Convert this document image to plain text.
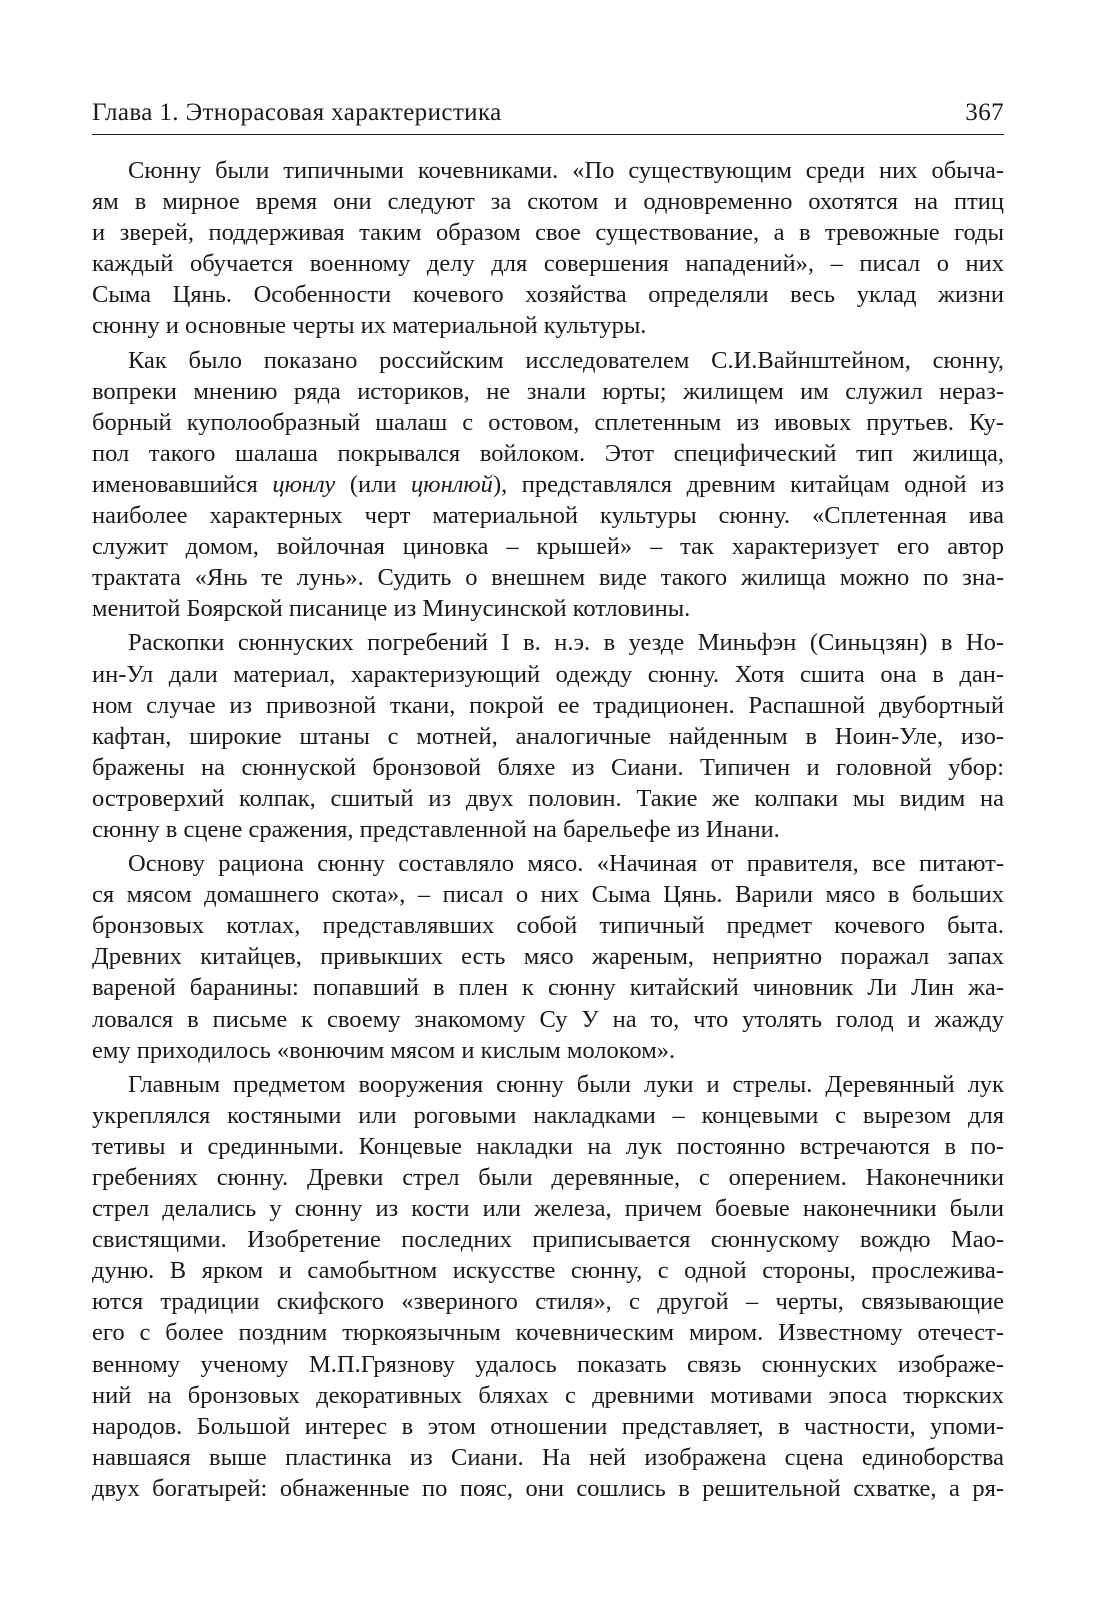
Глава 1. Этнорасовая характеристика	367
Сюнну были типичными кочевниками. «По существующим среди них обыча-
ям в мирное время они следуют за скотом и одновременно охотятся на птиц
и зверей, поддерживая таким образом свое существование, а в тревожные годы
каждый обучается военному делу для совершения нападений», – писал о них
Сыма Цянь. Особенности кочевого хозяйства определяли весь уклад жизни
сюнну и основные черты их материальной культуры.
Как было показано российским исследователем С.И.Вайнштейном, сюнну,
вопреки мнению ряда историков, не знали юрты; жилищем им служил нераз-
борный куполообразный шалаш с остовом, сплетенным из ивовых прутьев. Ку-
пол такого шалаша покрывался войлоком. Этот специфический тип жилища,
именовавшийся цюнлу (или цюнлюй), представлялся древним китайцам одной из
наиболее характерных черт материальной культуры сюнну. «Сплетенная ива
служит домом, войлочная циновка – крышей» – так характеризует его автор
трактата «Янь те лунь». Судить о внешнем виде такого жилища можно по зна-
менитой Боярской писанице из Минусинской котловины.
Раскопки сюннуских погребений I в. н.э. в уезде Миньфэн (Синьцзян) в Но-
ин-Ул дали материал, характеризующий одежду сюнну. Хотя сшита она в дан-
ном случае из привозной ткани, покрой ее традиционен. Распашной двубортный
кафтан, широкие штаны с мотней, аналогичные найденным в Ноин-Уле, изо-
бражены на сюннуской бронзовой бляхе из Сиани. Типичен и головной убор:
островерхий колпак, сшитый из двух половин. Такие же колпаки мы видим на
сюнну в сцене сражения, представленной на барельефе из Инани.
Основу рациона сюнну составляло мясо. «Начиная от правителя, все питают-
ся мясом домашнего скота», – писал о них Сыма Цянь. Варили мясо в больших
бронзовых котлах, представлявших собой типичный предмет кочевого быта.
Древних китайцев, привыкших есть мясо жареным, неприятно поражал запах
вареной баранины: попавший в плен к сюнну китайский чиновник Ли Лин жа-
ловался в письме к своему знакомому Су У на то, что утолять голод и жажду
ему приходилось «вонючим мясом и кислым молоком».
Главным предметом вооружения сюнну были луки и стрелы. Деревянный лук
укреплялся костяными или роговыми накладками – концевыми с вырезом для
тетивы и срединными. Концевые накладки на лук постоянно встречаются в по-
гребениях сюнну. Древки стрел были деревянные, с оперением. Наконечники
стрел делались у сюнну из кости или железа, причем боевые наконечники были
свистящими. Изобретение последних приписывается сюннускому вождю Мао-
дуню. В ярком и самобытном искусстве сюнну, с одной стороны, прослежива-
ются традиции скифского «звериного стиля», с другой – черты, связывающие
его с более поздним тюркоязычным кочевническим миром. Известному отечест-
венному ученому М.П.Грязнову удалось показать связь сюннуских изображе-
ний на бронзовых декоративных бляхах с древними мотивами эпоса тюркских
народов. Большой интерес в этом отношении представляет, в частности, упоми-
навшаяся выше пластинка из Сиани. На ней изображена сцена единоборства
двух богатырей: обнаженные по пояс, они сошлись в решительной схватке, а ря-
